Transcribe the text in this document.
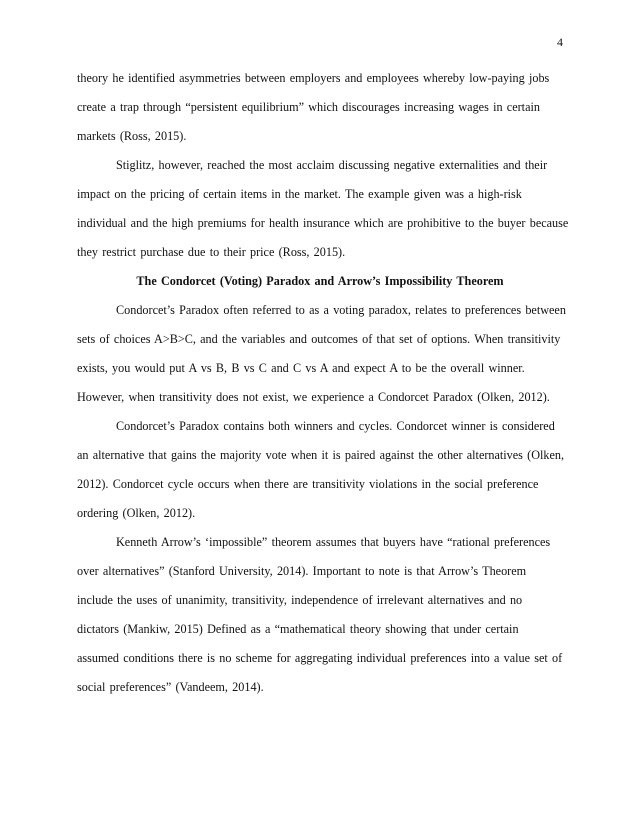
4
theory he identified asymmetries between employers and employees whereby low-paying jobs
create a trap through “persistent equilibrium” which discourages increasing wages in certain
markets (Ross, 2015).
Stiglitz, however, reached the most acclaim discussing negative externalities and their
impact on the pricing of certain items in the market. The example given was a high-risk
individual and the high premiums for health insurance which are prohibitive to the buyer because
they restrict purchase due to their price (Ross, 2015).
The Condorcet (Voting) Paradox and Arrow’s Impossibility Theorem
Condorcet’s Paradox often referred to as a voting paradox, relates to preferences between
sets of choices A>B>C, and the variables and outcomes of that set of options. When transitivity
exists, you would put A vs B, B vs C and C vs A and expect A to be the overall winner.
However, when transitivity does not exist, we experience a Condorcet Paradox (Olken, 2012).
Condorcet’s Paradox contains both winners and cycles. Condorcet winner is considered
an alternative that gains the majority vote when it is paired against the other alternatives (Olken,
2012). Condorcet cycle occurs when there are transitivity violations in the social preference
ordering (Olken, 2012).
Kenneth Arrow’s ‘impossible” theorem assumes that buyers have “rational preferences
over alternatives” (Stanford University, 2014). Important to note is that Arrow’s Theorem
include the uses of unanimity, transitivity, independence of irrelevant alternatives and no
dictators (Mankiw, 2015) Defined as a “mathematical theory showing that under certain
assumed conditions there is no scheme for aggregating individual preferences into a value set of
social preferences” (Vandeem, 2014).
